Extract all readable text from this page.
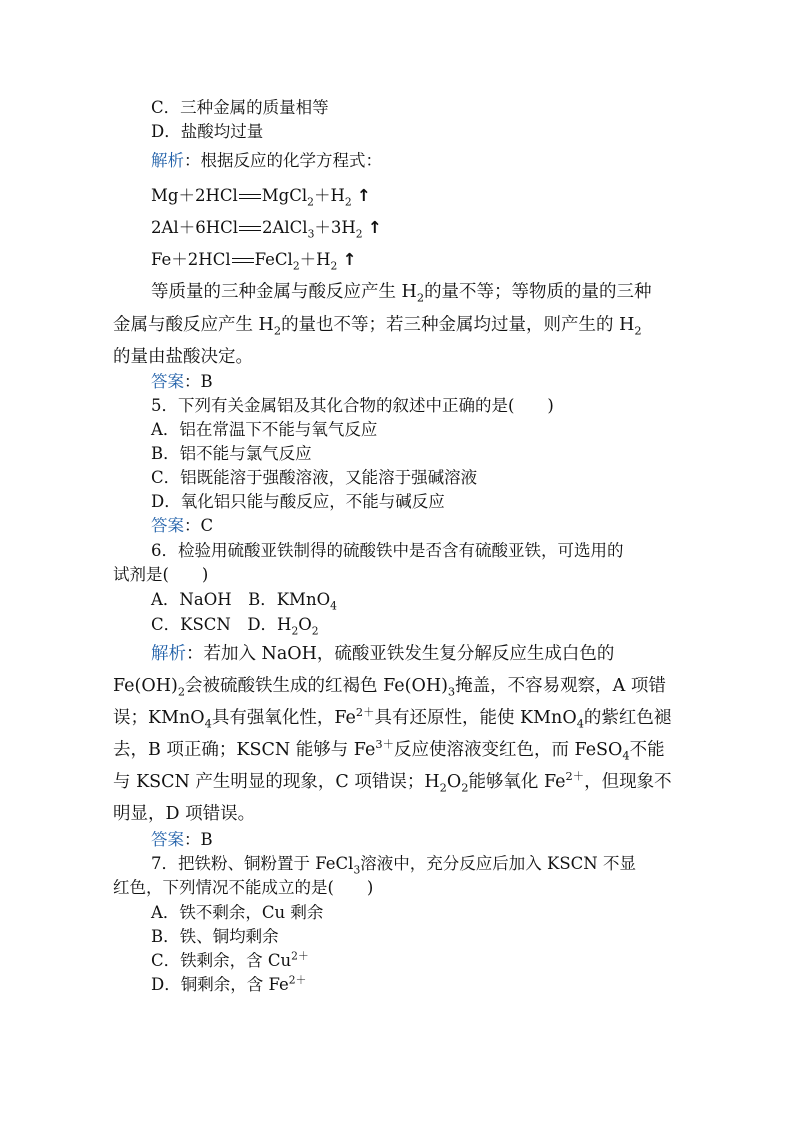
C．三种金属的质量相等
D．盐酸均过量
解析：根据反应的化学方程式：
Mg＋2HCl $MgCl_2+H_2$ ↑
2Al＋6HCl $2AlCl_3+3H_2$ ↑
Fe＋2HCl $FeCl_2+H_2$ ↑
等质量的三种金属与酸反应产生 $H_2$的量不等；等物质的量的三种
金属与酸反应产生 $H_2$的量也不等；若三种金属均过量，则产生的 $H_2$
的量由盐酸决定。
答案：B
5．下列有关金属铝及其化合物的叙述中正确的是(　　)
A．铝在常温下不能与氧气反应
B．铝不能与氯气反应
C．铝既能溶于强酸溶液，又能溶于强碱溶液
D．氧化铝只能与酸反应，不能与碱反应
答案：C
6．检验用硫酸亚铁制得的硫酸铁中是否含有硫酸亚铁，可选用的
试剂是(　　)
A．NaOH　B．KMnO$_4$
C．KSCN　D．$H_2O_2$
解析：若加入 NaOH，硫酸亚铁发生复分解反应生成白色的
$Fe(OH)_2$会被硫酸铁生成的红褐色 $Fe(OH)_3$掩盖，不容易观察，A 项错
误；KMnO$_4$具有强氧化性，$Fe^{2+}$具有还原性，能使 KMnO$_4$的紫红色褪
去，B 项正确；KSCN 能够与 $Fe^{3+}$反应使溶液变红色，而 FeSO$_4$不能
与 KSCN 产生明显的现象，C 项错误；$H_2O_2$能够氧化 $Fe^{2+}$，但现象不
明显，D 项错误。
答案：B
7．把铁粉、铜粉置于 FeCl$_3$溶液中，充分反应后加入 KSCN 不显
红色，下列情况不能成立的是(　　)
A．铁不剩余，Cu 剩余
B．铁、铜均剩余
C．铁剩余，含 $Cu^{2+}$
D．铜剩余，含 $Fe^{2+}$
